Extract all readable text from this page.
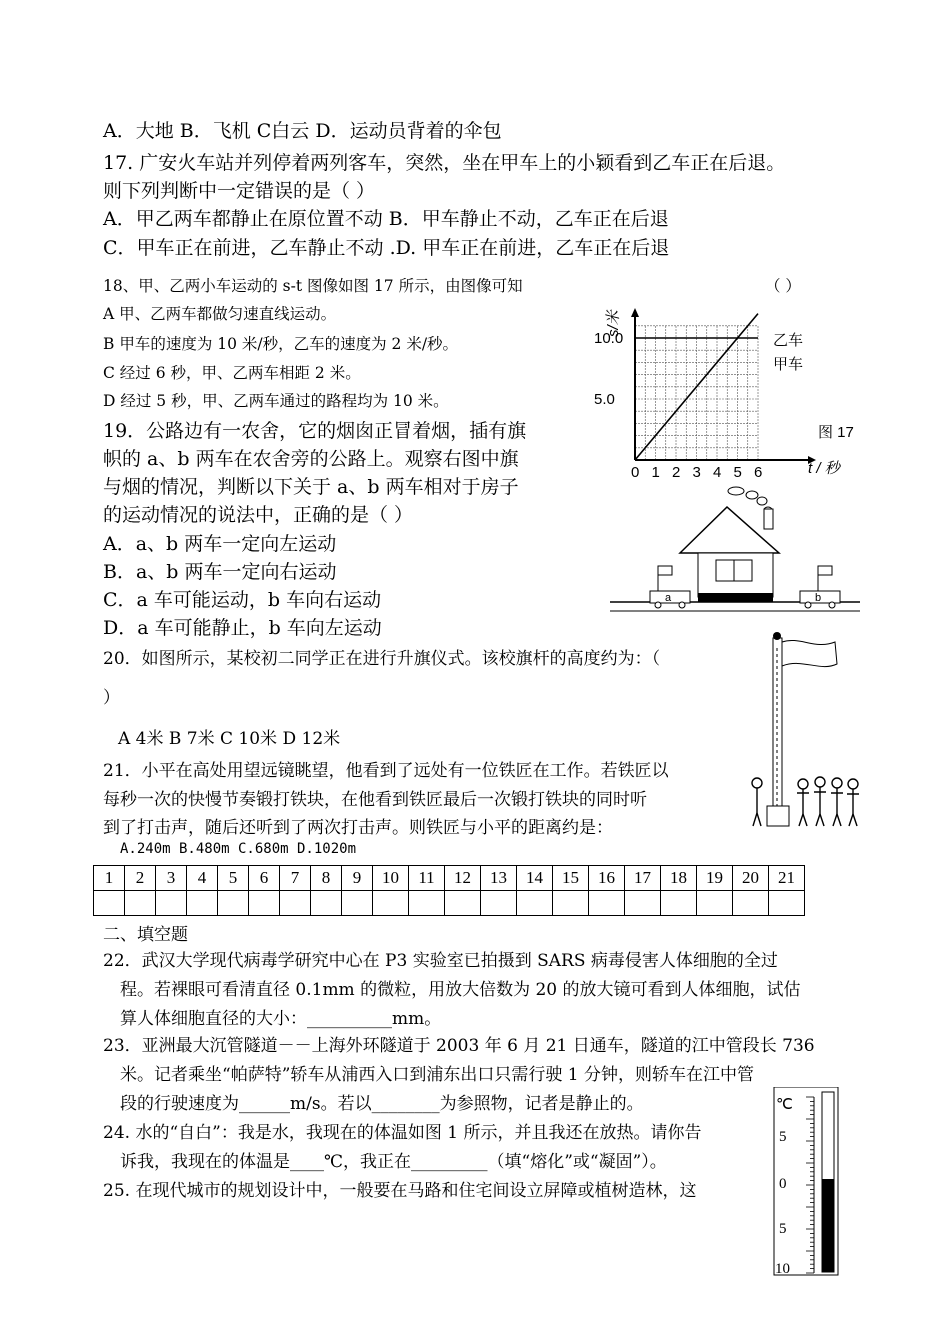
A．大地 B．飞机 C白云 D．运动员背着的伞包
17. 广安火车站并列停着两列客车，突然，坐在甲车上的小颖看到乙车正在后退。
则下列判断中一定错误的是（ ）
A．甲乙两车都静止在原位置不动 B．甲车静止不动，乙车正在后退
C．甲车正在前进，乙车静止不动 .D. 甲车正在前进，乙车正在后退
18、甲、乙两小车运动的 s-t 图像如图 17 所示，由图像可知	（ ）
A 甲、乙两车都做匀速直线运动。
B 甲车的速度为 10 米/秒，乙车的速度为 2 米/秒。
C 经过 6 秒，甲、乙两车相距 2 米。
D 经过 5 秒，甲、乙两车通过的路程均为 10 米。
19．公路边有一农舍，它的烟囱正冒着烟，插有旗
帜的 a、b 两车在农舍旁的公路上。观察右图中旗
与烟的情况，判断以下关于 a、b 两车相对于房子
的运动情况的说法中，正确的是（ ）
A．a、b 两车一定向左运动
B．a、b 两车一定向右运动
C．a 车可能运动，b 车向右运动
D．a 车可能静止，b 车向左运动
20．如图所示，某校初二同学正在进行升旗仪式。该校旗杆的高度约为：（
）
A 4米 B 7米 C 10米 D 12米
21．小平在高处用望远镜眺望，他看到了远处有一位铁匠在工作。若铁匠以
每秒一次的快慢节奏锻打铁块，在他看到铁匠最后一次锻打铁块的同时听
到了打击声，随后还听到了两次打击声。则铁匠与小平的距离约是：
A.240m B.480m C.680m D.1020m
1	2	3	4	5	6	7	8	9	10	11	12	13	14	15	16	17	18	19	20	21

二、填空题
22．武汉大学现代病毒学研究中心在 P3 实验室已拍摄到 SARS 病毒侵害人体细胞的全过
程。若裸眼可看清直径 0.1mm 的微粒，用放大倍数为 20 的放大镜可看到人体细胞，试估
算人体细胞直径的大小：__________mm。
23．亚洲最大沉管隧道－－上海外环隧道于 2003 年 6 月 21 日通车，隧道的江中管段长 736
米。记者乘坐“帕萨特”轿车从浦西入口到浦东出口只需行驶 1 分钟，则轿车在江中管
段的行驶速度为______m/s。若以________为参照物，记者是静止的。
24. 水的“自白”：我是水，我现在的体温如图 1 所示，并且我还在放热。请你告
诉我，我现在的体温是____℃，我正在_________（填“熔化”或“凝固”）。
25. 在现代城市的规划设计中，一般要在马路和住宅间设立屏障或植树造林，这
0 1 2 3 4 5 6
5.0
10.0
s/米
t / 秒
图 17
乙车
甲车
a	b
℃
5
0
5
10
